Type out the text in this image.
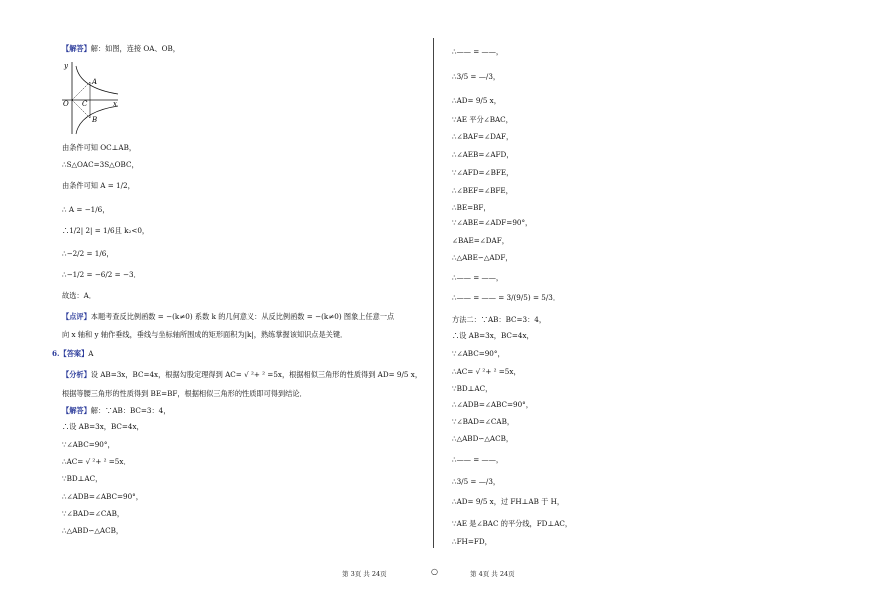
【解答】解：如图，连接 OA、OB，
由条件可知 OC⊥AB，
∴S△OAC=3S△OBC，
由条件可知 A = 1/2，
∴ A = −1/6，
∴1/2| 2| = 1/6且 k₂<0，
∴−2/2 = 1/6，
∴−1/2 = −6/2 = −3．
故选：A．
【点评】本题考查反比例函数 = −(k≠0) 系数 k 的几何意义：从反比例函数 = −(k≠0) 图象上任意一点
向 x 轴和 y 轴作垂线，垂线与坐标轴所围成的矩形面积为|k|，熟练掌握该知识点是关键．
6.【答案】A
【分析】设 AB=3x，BC=4x，根据勾股定理得到 AC= √ ²+ ² =5x，根据相似三角形的性质得到 AD= 9/5 x，
根据等腰三角形的性质得到 BE=BF，根据相似三角形的性质即可得到结论．
【解答】解：∵AB：BC=3：4，
∴设 AB=3x，BC=4x，
∵∠ABC=90°，
∴AC= √ ²+ ² =5x．
∵BD⊥AC，
∴∠ADB=∠ABC=90°，
∵∠BAD=∠CAB，
∴△ABD∽△ACB，
y
x
O
A
B
C
∴—— = ——，
∴3/5 = —/3，
∴AD= 9/5 x，
∵AE 平分∠BAC，
∴∠BAF=∠DAF，
∴∠AEB=∠AFD，
∵∠AFD=∠BFE，
∴∠BEF=∠BFE，
∴BE=BF，
∵∠ABE=∠ADF=90°，
∠BAE=∠DAF，
∴△ABE∽△ADF，
∴—— = ——，
∴—— = —— = 3/(9/5) = 5/3．
方法二：∵AB：BC=3：4，
∴设 AB=3x，BC=4x，
∵∠ABC=90°，
∴AC= √ ²+ ² =5x，
∵BD⊥AC，
∴∠ADB=∠ABC=90°，
∵∠BAD=∠CAB，
∴△ABD∽△ACB，
∴—— = ——，
∴3/5 = —/3，
∴AD= 9/5 x，过 FH⊥AB 于 H，
∵AE 是∠BAC 的平分线，FD⊥AC，
∴FH=FD，
第 3页 共 24页	○	第 4页 共 24页
